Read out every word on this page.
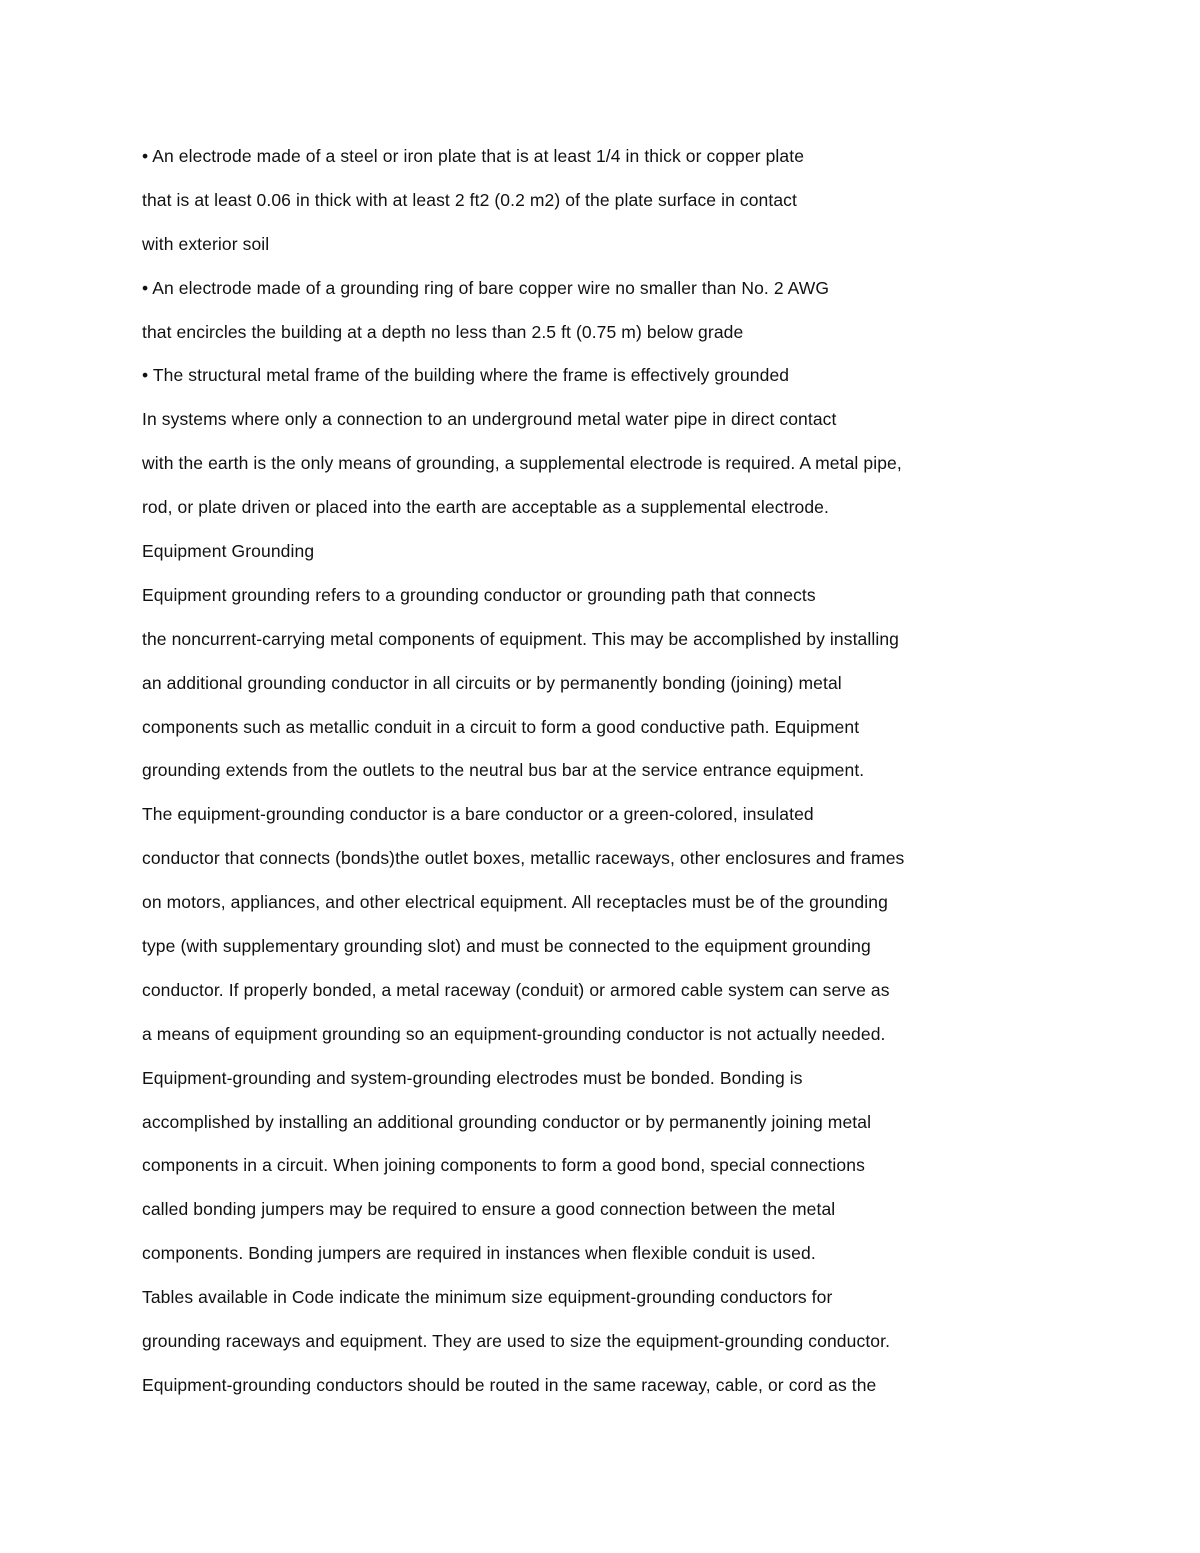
• An electrode made of a steel or iron plate that is at least 1/4 in thick or copper plate
that is at least 0.06 in thick with at least 2 ft2 (0.2 m2) of the plate surface in contact
with exterior soil
• An electrode made of a grounding ring of bare copper wire no smaller than No. 2 AWG
that encircles the building at a depth no less than 2.5 ft (0.75 m) below grade
• The structural metal frame of the building where the frame is effectively grounded
In systems where only a connection to an underground metal water pipe in direct contact
with the earth is the only means of grounding, a supplemental electrode is required. A metal pipe,
rod, or plate driven or placed into the earth are acceptable as a supplemental electrode.
Equipment Grounding
Equipment grounding refers to a grounding conductor or grounding path that connects
the noncurrent-carrying metal components of equipment. This may be accomplished by installing
an additional grounding conductor in all circuits or by permanently bonding (joining) metal
components such as metallic conduit in a circuit to form a good conductive path. Equipment
grounding extends from the outlets to the neutral bus bar at the service entrance equipment.
The equipment-grounding conductor is a bare conductor or a green-colored, insulated
conductor that connects (bonds)the outlet boxes, metallic raceways, other enclosures and frames
on motors, appliances, and other electrical equipment. All receptacles must be of the grounding
type (with supplementary grounding slot) and must be connected to the equipment grounding
conductor. If properly bonded, a metal raceway (conduit) or armored cable system can serve as
a means of equipment grounding so an equipment-grounding conductor is not actually needed.
Equipment-grounding and system-grounding electrodes must be bonded. Bonding is
accomplished by installing an additional grounding conductor or by permanently joining metal
components in a circuit. When joining components to form a good bond, special connections
called bonding jumpers may be required to ensure a good connection between the metal
components. Bonding jumpers are required in instances when flexible conduit is used.
Tables available in Code indicate the minimum size equipment-grounding conductors for
grounding raceways and equipment. They are used to size the equipment-grounding conductor.
Equipment-grounding conductors should be routed in the same raceway, cable, or cord as the
